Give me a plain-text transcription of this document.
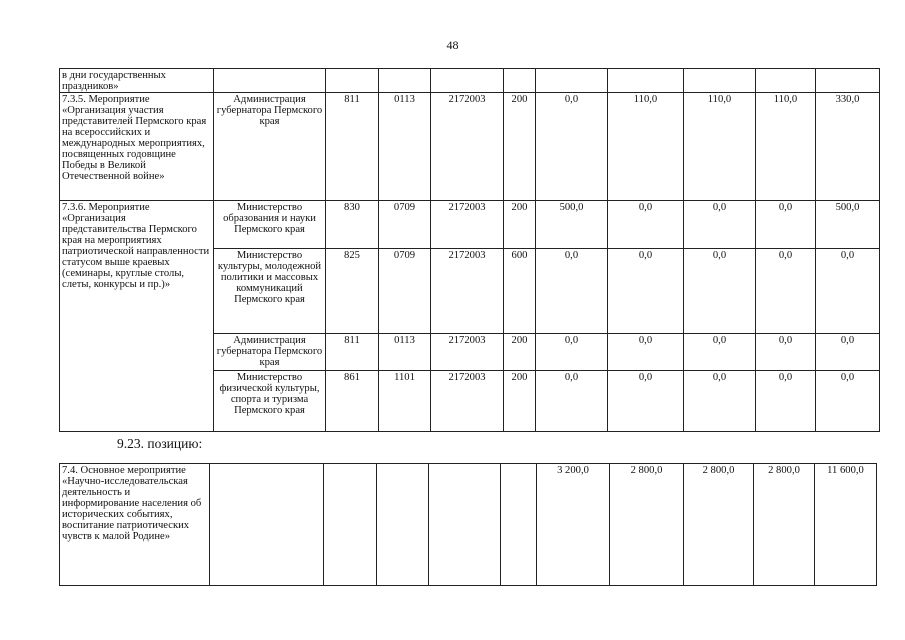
48
в дни государственных праздников»										
7.3.5. Мероприятие «Организация участия представителей Пермского края на всероссийских и международных мероприятиях, посвященных годовщине Победы в Великой Отечественной войне»	Администрация губернатора Пермского края	811	0113	2172003	200	0,0	110,0	110,0	110,0	330,0
7.3.6. Мероприятие «Организация представительства Пермского края на мероприятиях патриотической направленности статусом выше краевых (семинары, круглые столы, слеты, конкурсы и пр.)»	Министерство образования и науки Пермского края	830	0709	2172003	200	500,0	0,0	0,0	0,0	500,0
	Министерство культуры, молодежной политики и массовых коммуникаций Пермского края	825	0709	2172003	600	0,0	0,0	0,0	0,0	0,0
	Администрация губернатора Пермского края	811	0113	2172003	200	0,0	0,0	0,0	0,0	0,0
	Министерство физической культуры, спорта и туризма Пермского края	861	1101	2172003	200	0,0	0,0	0,0	0,0	0,0
9.23. позицию:
7.4. Основное мероприятие «Научно-исследовательская деятельность и информирование населения об исторических событиях, воспитание патриотических чувств к малой Родине»						3 200,0	2 800,0	2 800,0	2 800,0	11 600,0
